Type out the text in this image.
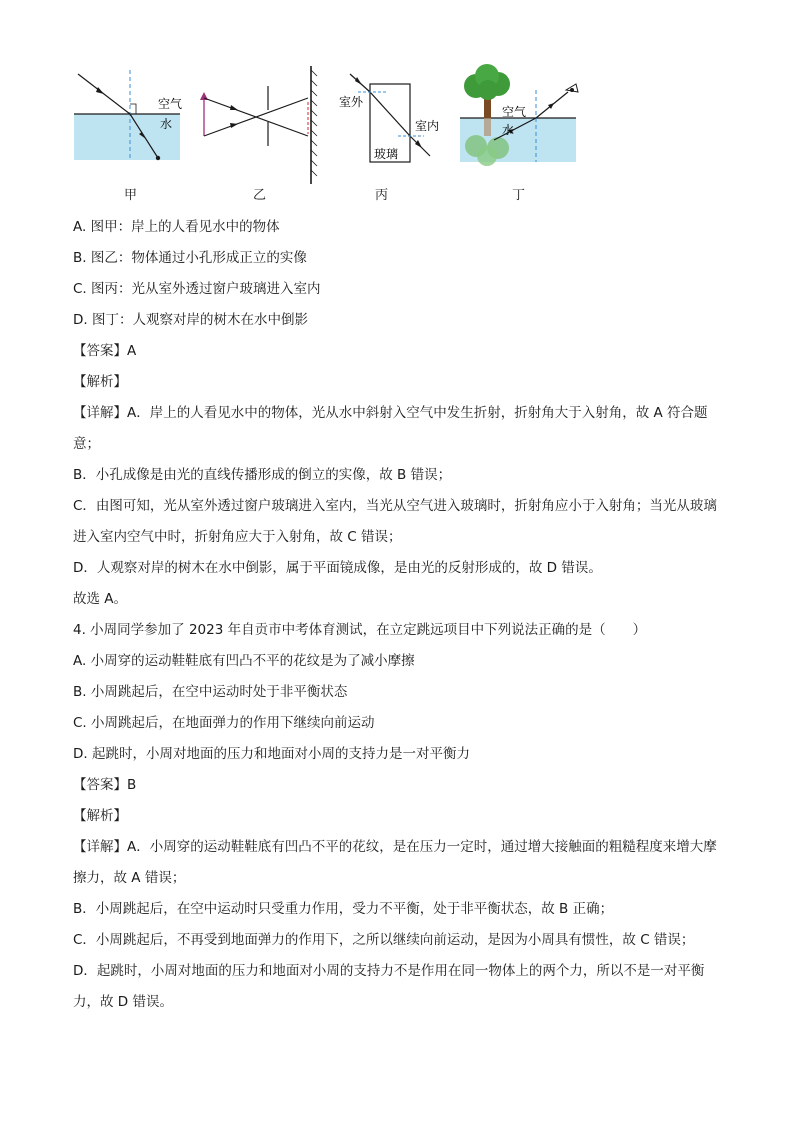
空气
水
室外
室内
玻璃
空气
水
甲	乙	丙	丁

A. 图甲：岸上的人看见水中的物体

B. 图乙：物体通过小孔形成正立的实像

C. 图丙：光从室外透过窗户玻璃进入室内

D. 图丁：人观察对岸的树木在水中倒影

【答案】A

【解析】

【详解】A．岸上的人看见水中的物体，光从水中斜射入空气中发生折射，折射角大于入射角，故 A 符合题意；

B．小孔成像是由光的直线传播形成的倒立的实像，故 B 错误；

C．由图可知，光从室外透过窗户玻璃进入室内，当光从空气进入玻璃时，折射角应小于入射角；当光从玻璃进入室内空气中时，折射角应大于入射角，故 C 错误；

D．人观察对岸的树木在水中倒影，属于平面镜成像，是由光的反射形成的，故 D 错误。

故选 A。

4. 小周同学参加了 2023 年自贡市中考体育测试，在立定跳远项目中下列说法正确的是（　　）

A. 小周穿的运动鞋鞋底有凹凸不平的花纹是为了减小摩擦

B. 小周跳起后，在空中运动时处于非平衡状态

C. 小周跳起后，在地面弹力的作用下继续向前运动

D. 起跳时，小周对地面的压力和地面对小周的支持力是一对平衡力

【答案】B

【解析】

【详解】A．小周穿的运动鞋鞋底有凹凸不平的花纹，是在压力一定时，通过增大接触面的粗糙程度来增大摩擦力，故 A 错误；

B．小周跳起后，在空中运动时只受重力作用，受力不平衡，处于非平衡状态，故 B 正确；

C．小周跳起后，不再受到地面弹力的作用下，之所以继续向前运动，是因为小周具有惯性，故 C 错误；

D．起跳时，小周对地面的压力和地面对小周的支持力不是作用在同一物体上的两个力，所以不是一对平衡力，故 D 错误。
